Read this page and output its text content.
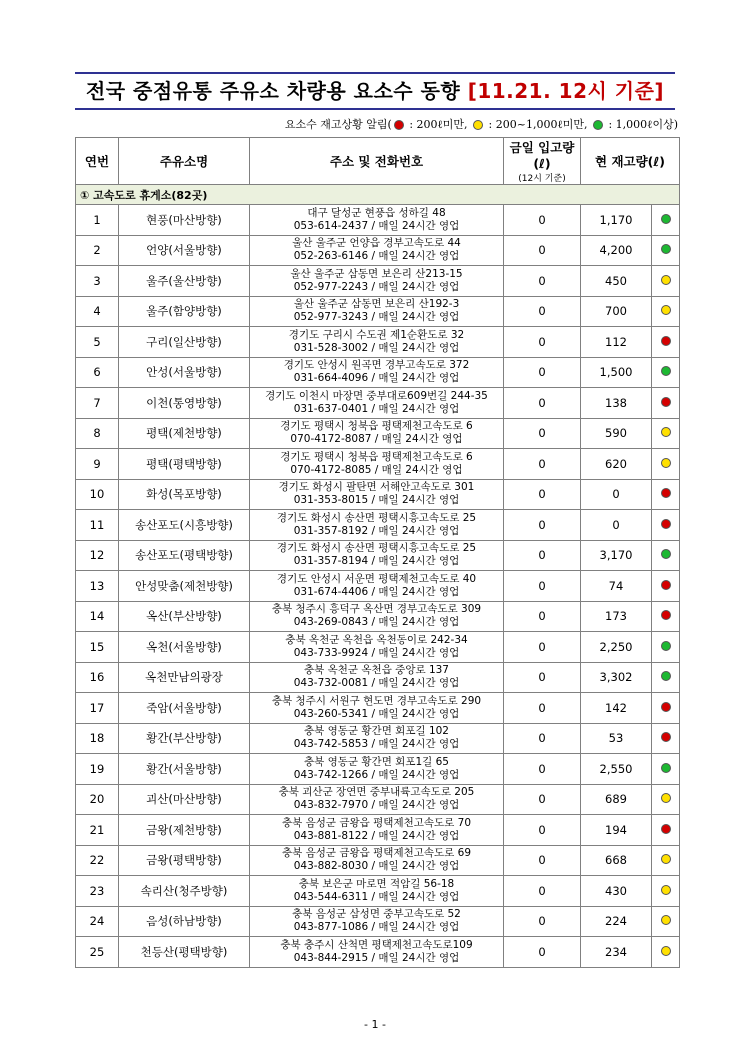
전국 중점유통 주유소 차량용 요소수 동향 [11.21. 12시 기준]
요소수 재고상황 알림( : 200ℓ미만,  : 200~1,000ℓ미만,  : 1,000ℓ이상)
연번	주유소명	주소 및 전화번호	금일 입고량(ℓ)
(12시 기준)	현 재고량(ℓ)	
① 고속도로 휴게소(82곳)					
1	현풍(마산방향)	대구 달성군 현풍읍 성하길 48
053-614-2437 / 매일 24시간 영업	0	1,170	
2	언양(서울방향)	울산 울주군 언양읍 경부고속도로 44
052-263-6146 / 매일 24시간 영업	0	4,200	
3	울주(울산방향)	울산 울주군 삼동면 보은리 산213-15
052-977-2243 / 매일 24시간 영업	0	450	
4	울주(함양방향)	울산 울주군 삼동면 보은리 산192-3
052-977-3243 / 매일 24시간 영업	0	700	
5	구리(일산방향)	경기도 구리시 수도권 제1순환도로 32
031-528-3002 / 매일 24시간 영업	0	112	
6	안성(서울방향)	경기도 안성시 원곡면 경부고속도로 372
031-664-4096 / 매일 24시간 영업	0	1,500	
7	이천(통영방향)	경기도 이천시 마장면 중부대로609번길 244-35
031-637-0401 / 매일 24시간 영업	0	138	
8	평택(제천방향)	경기도 평택시 청북읍 평택제천고속도로 6
070-4172-8087 / 매일 24시간 영업	0	590	
9	평택(평택방향)	경기도 평택시 청북읍 평택제천고속도로 6
070-4172-8085 / 매일 24시간 영업	0	620	
10	화성(목포방향)	경기도 화성시 팔탄면 서해안고속도로 301
031-353-8015 / 매일 24시간 영업	0	0	
11	송산포도(시흥방향)	경기도 화성시 송산면 평택시흥고속도로 25
031-357-8192 / 매일 24시간 영업	0	0	
12	송산포도(평택방향)	경기도 화성시 송산면 평택시흥고속도로 25
031-357-8194 / 매일 24시간 영업	0	3,170	
13	안성맞춤(제천방향)	경기도 안성시 서운면 평택제천고속도로 40
031-674-4406 / 매일 24시간 영업	0	74	
14	옥산(부산방향)	충북 청주시 흥덕구 옥산면 경부고속도로 309
043-269-0843 / 매일 24시간 영업	0	173	
15	옥천(서울방향)	충북 옥천군 옥천읍 옥천동이로 242-34
043-733-9924 / 매일 24시간 영업	0	2,250	
16	옥천만남의광장	충북 옥천군 옥천읍 중앙로 137
043-732-0081 / 매일 24시간 영업	0	3,302	
17	죽암(서울방향)	충북 청주시 서원구 현도면 경부고속도로 290
043-260-5341 / 매일 24시간 영업	0	142	
18	황간(부산방향)	충북 영동군 황간면 회포길 102
043-742-5853 / 매일 24시간 영업	0	53	
19	황간(서울방향)	충북 영동군 황간면 회포1길 65
043-742-1266 / 매일 24시간 영업	0	2,550	
20	괴산(마산방향)	충북 괴산군 장연면 중부내륙고속도로 205
043-832-7970 / 매일 24시간 영업	0	689	
21	금왕(제천방향)	충북 음성군 금왕읍 평택제천고속도로 70
043-881-8122 / 매일 24시간 영업	0	194	
22	금왕(평택방향)	충북 음성군 금왕읍 평택제천고속도로 69
043-882-8030 / 매일 24시간 영업	0	668	
23	속리산(청주방향)	충북 보은군 마로면 적암길 56-18
043-544-6311 / 매일 24시간 영업	0	430	
24	음성(하남방향)	충북 음성군 삼성면 중부고속도로 52
043-877-1086 / 매일 24시간 영업	0	224	
25	천등산(평택방향)	충북 충주시 산척면 평택제천고속도로109
043-844-2915 / 매일 24시간 영업	0	234	
- 1 -
